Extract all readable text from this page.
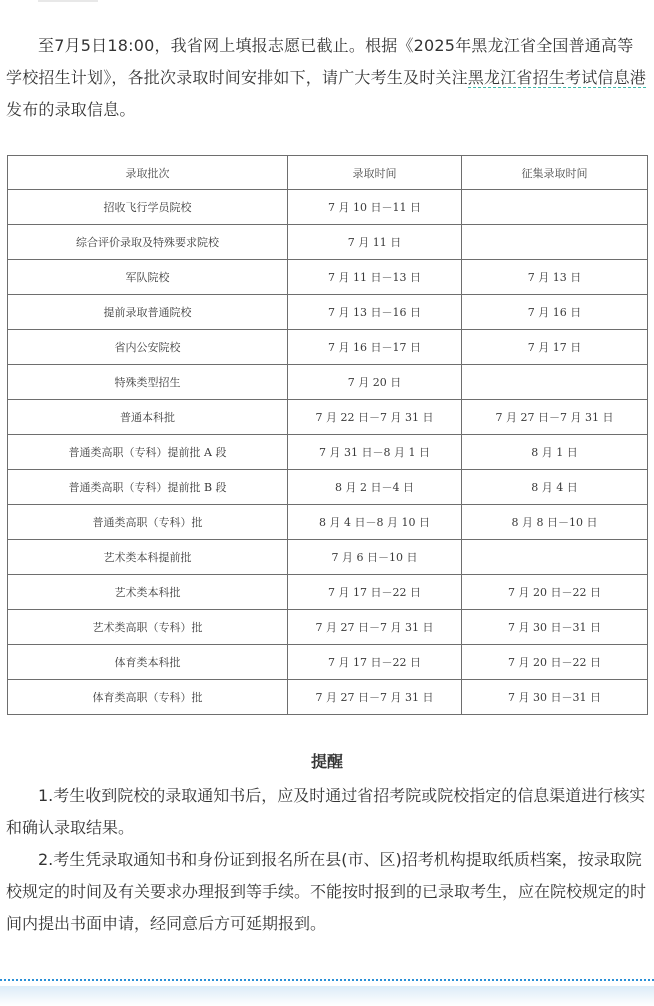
至7月5日18:00，我省网上填报志愿已截止。根据《2025年黑龙江省全国普通高等学校招生计划》，各批次录取时间安排如下，请广大考生及时关注黑龙江省招生考试信息港发布的录取信息。

录取批次	录取时间	征集录取时间
招收飞行学员院校	7 月 10 日－11 日	
综合评价录取及特殊要求院校	7 月 11 日	
军队院校	7 月 11 日－13 日	7 月 13 日
提前录取普通院校	7 月 13 日－16 日	7 月 16 日
省内公安院校	7 月 16 日－17 日	7 月 17 日
特殊类型招生	7 月 20 日	
普通本科批	7 月 22 日－7 月 31 日	7 月 27 日－7 月 31 日
普通类高职（专科）提前批 A 段	7 月 31 日－8 月 1 日	8 月 1 日
普通类高职（专科）提前批 B 段	8 月 2 日－4 日	8 月 4 日
普通类高职（专科）批	8 月 4 日－8 月 10 日	8 月 8 日－10 日
艺术类本科提前批	7 月 6 日－10 日	
艺术类本科批	7 月 17 日－22 日	7 月 20 日－22 日
艺术类高职（专科）批	7 月 27 日－7 月 31 日	7 月 30 日－31 日
体育类本科批	7 月 17 日－22 日	7 月 20 日－22 日
体育类高职（专科）批	7 月 27 日－7 月 31 日	7 月 30 日－31 日
提醒

1.考生收到院校的录取通知书后，应及时通过省招考院或院校指定的信息渠道进行核实和确认录取结果。

2.考生凭录取通知书和身份证到报名所在县(市、区)招考机构提取纸质档案，按录取院校规定的时间及有关要求办理报到等手续。不能按时报到的已录取考生，应在院校规定的时间内提出书面申请，经同意后方可延期报到。
